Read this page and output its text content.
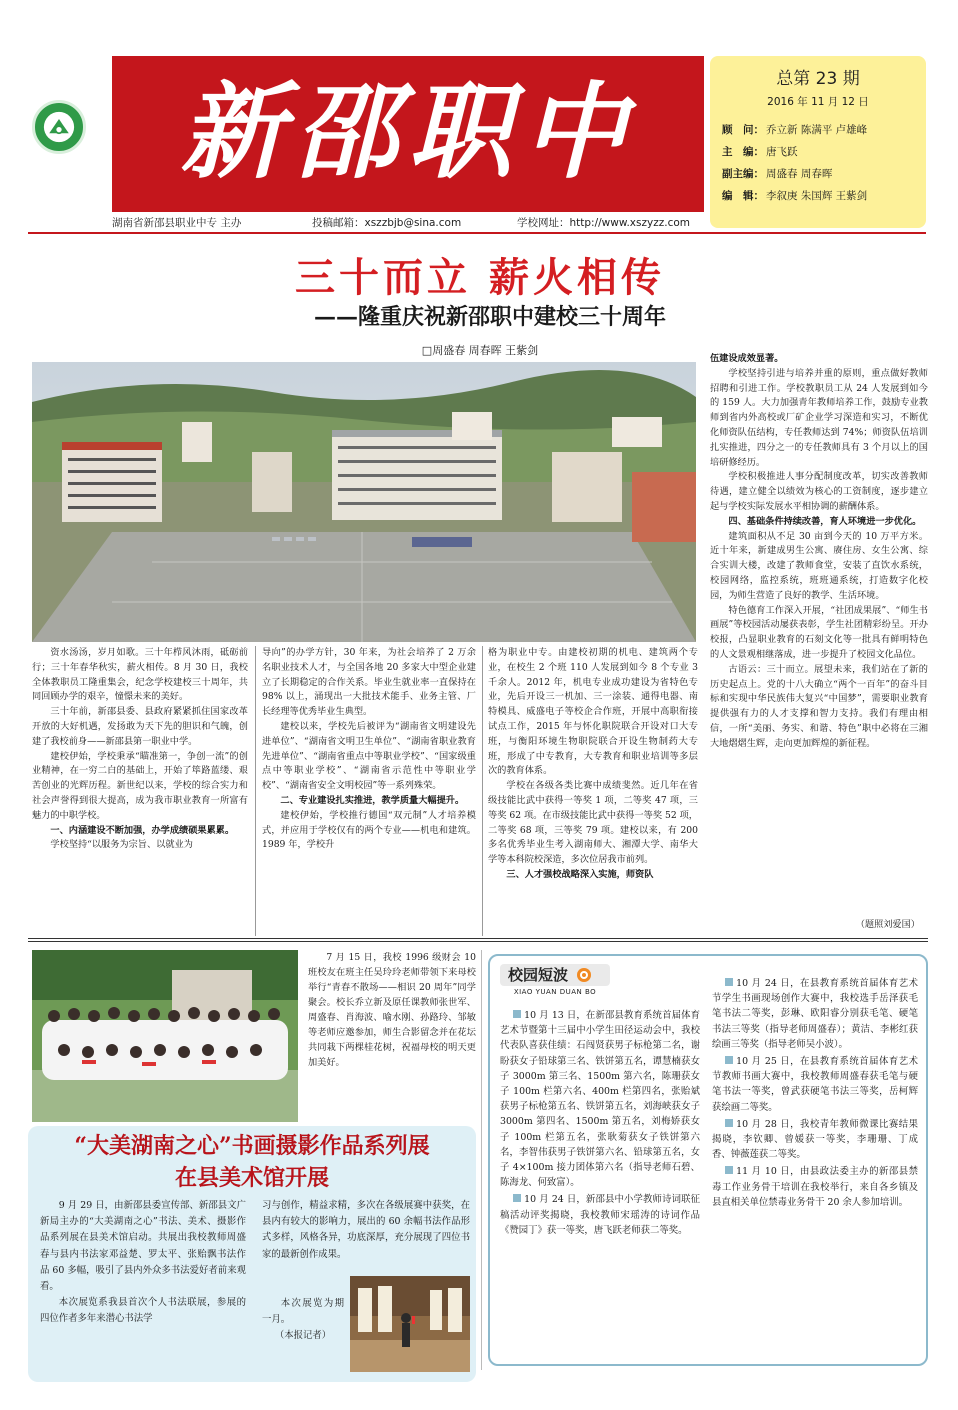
新邵职中
湖南省新邵县职业中专 主办	投稿邮箱：xszzbjb@sina.com	学校网址：http://www.xszyzz.com
总第 23 期
2016 年 11 月 12 日
顾　问： 乔立新 陈满平 卢雄峰
主　编： 唐飞跃
副主编： 周盛春 周春晖
编　辑： 李叙庚 朱国辉 王紫剑
三十而立 薪火相传
——隆重庆祝新邵职中建校三十周年
□周盛春 周春晖 王紫剑

资水汤汤，岁月如歌。三十年栉风沐雨，砥砺前行；三十年春华秋实，薪火相传。8 月 30 日，我校全体教职员工隆重集会，纪念学校建校三十周年，共同回顾办学的艰辛，憧憬未来的美好。

三十年前，新邵县委、县政府紧紧抓住国家改革开放的大好机遇，发扬敢为天下先的胆识和气魄，创建了我校前身——新邵县第一职业中学。

建校伊始，学校秉承“瞄准第一，争创一流”的创业精神，在一穷二白的基础上，开始了筚路蓝缕、艰苦创业的光辉历程。新世纪以来，学校的综合实力和社会声誉得到很大提高，成为我市职业教育一所富有魅力的中职学校。

一、内涵建设不断加强，办学成绩硕果累累。

学校坚持“以服务为宗旨、以就业为

导向”的办学方针，30 年来，为社会培养了 2 万余名职业技术人才，与全国各地 20 多家大中型企业建立了长期稳定的合作关系。毕业生就业率一直保持在 98% 以上，涌现出一大批技术能手、业务主管、厂长经理等优秀毕业生典型。

建校以来，学校先后被评为“湖南省文明建设先进单位”、“湖南省文明卫生单位”、“湖南省职业教育先进单位”、“湖南省重点中等职业学校”、“国家级重点中等职业学校”、“湖南省示范性中等职业学校”、“湖南省安全文明校园”等一系列殊荣。

二、专业建设扎实推进，教学质量大幅提升。

建校伊始，学校推行德国“双元制”人才培养模式，并应用于学校仅有的两个专业——机电和建筑。1989 年，学校升

格为职业中专。由建校初期的机电、建筑两个专业，在校生 2 个班 110 人发展到如今 8 个专业 3 千余人。2012 年，机电专业成功建设为省特色专业，先后开设三一机加、三一涂装、通得电器、南特模具、威盛电子等校企合作班，开展中高职衔接试点工作，2015 年与怀化职院联合开设对口大专班，与衡阳环境生物职院联合开设生物制药大专班，形成了中专教育，大专教育和职业培训等多层次的教育体系。

学校在各级各类比赛中成绩斐然。近几年在省级技能比武中获得一等奖 1 项，二等奖 47 项，三等奖 62 项。在市级技能比武中获得一等奖 52 项，二等奖 68 项，三等奖 79 项。建校以来，有 200 多名优秀毕业生考入湖南师大、湘潭大学、南华大学等本科院校深造，多次位居我市前列。

三、人才强校战略深入实施，师资队

伍建设成效显著。

学校坚持引进与培养并重的原则，重点做好教师招聘和引进工作。学校教职员工从 24 人发展到如今的 159 人。大力加强青年教师培养工作，鼓励专业教师到省内外高校或厂矿企业学习深造和实习，不断优化师资队伍结构，专任教师达到 74%；师资队伍培训扎实推进，四分之一的专任教师具有 3 个月以上的国培研修经历。

学校积极推进人事分配制度改革，切实改善教师待遇，建立健全以绩效为核心的工资制度，逐步建立起与学校实际发展水平相协调的薪酬体系。

四、基础条件持续改善，育人环境进一步优化。

建筑面积从不足 30 亩到今天的 10 万平方米。近十年来，新建成男生公寓、赓住房、女生公寓、综合实训大楼，改建了教师食堂，安装了直饮水系统，校园网络，监控系统，班班通系统，打造数字化校园，为师生营造了良好的教学、生活环境。

特色德育工作深入开展，“社团成果展”、“师生书画展”等校园活动屡获表彰，学生社团精彩纷呈。开办校报，凸显职业教育的石刻文化等一批具有鲜明特色的人文景观相继落成，进一步提升了校园文化品位。

古语云：三十而立。展望未来，我们站在了新的历史起点上。党的十八大确立“两个一百年”的奋斗目标和实现中华民族伟大复兴“中国梦”，需要职业教育提供强有力的人才支撑和智力支持。我们有理由相信，一所“美丽、务实、和谐、特色”职中必将在三湘大地熠熠生辉，走向更加辉煌的新征程。

（题照刘爱国）

7 月 15 日，我校 1996 级财会 10 班校友在班主任吴玲玲老师带领下来母校举行“青春不散场——相识 20 周年”同学聚会。校长乔立新及原任课教师张世军、周盛春、肖海波、喻水刚、孙路玲、邹敏等老师应邀参加，师生合影留念并在花坛共同栽下两棵桂花树，祝福母校的明天更加美好。

“大美湖南之心”书画摄影作品系列展
在县美术馆开展

9 月 29 日，由新邵县委宣传部、新邵县文广新局主办的“大美湖南之心”书法、美术、摄影作品系列展在县美术馆启动。共展出我校教师周盛春与县内书法家邓益楚、罗太平、张贻飘书法作品 60 多幅，吸引了县内外众多书法爱好者前来观看。

本次展览系我县首次个人书法联展，参展的四位作者多年来潜心书法学

习与创作，精益求精，多次在各级展赛中获奖，在县内有较大的影响力，展出的 60 余幅书法作品形式多样，风格各异，功底深厚，充分展现了四位书家的最新创作成果。

本次展览为期一月。

（本报记者）

校园短波
XIAO YUAN DUAN BO

10 月 13 日，在新邵县教育系统首届体育艺术节暨第十三届中小学生田径运动会中，我校代表队喜获佳绩：石闯贤获男子标枪第二名，谢盼获女子铅球第三名、铁饼第五名，谭慧楠获女子 3000m 第三名、1500m 第六名，陈珊获女子 100m 栏第六名、400m 栏第四名，张贻斌获男子标枪第五名、铁饼第五名，刘海峡获女子 3000m 第四名、1500m 第五名，刘梅娇获女子 100m 栏第五名，张耿菊获女子铁饼第六名，李智伟获男子铁饼第六名、铅球第五名，女子 4×100m 接力团体第六名（指导老师石碧、陈海龙、何致富）。

10 月 24 日，新邵县中小学教师诗词联征稿活动评奖揭晓，我校教师宋瑶涛的诗词作品《赞园丁》获一等奖，唐飞跃老师获二等奖。

10 月 24 日，在县教育系统首届体育艺术节学生书画现场创作大赛中，我校选手岳泽获毛笔书法二等奖，彭琳、欧阳睿分别获毛笔、硬笔书法三等奖（指导老师周盛春）；黄洁、李彬红获绘画三等奖（指导老师吴小波）。

10 月 25 日，在县教育系统首届体育艺术节教师书画大赛中，我校教师周盛春获毛笔与硬笔书法一等奖，曾武获硬笔书法三等奖，岳柯辉获绘画二等奖。

10 月 28 日，我校青年教师微课比赛结果揭晓，李钦卿、曾媛获一等奖，李珊珊、丁成香、钟薇莲获二等奖。

11 月 10 日，由县政法委主办的新邵县禁毒工作业务骨干培训在我校举行，来自各乡镇及县直相关单位禁毒业务骨干 20 余人参加培训。
